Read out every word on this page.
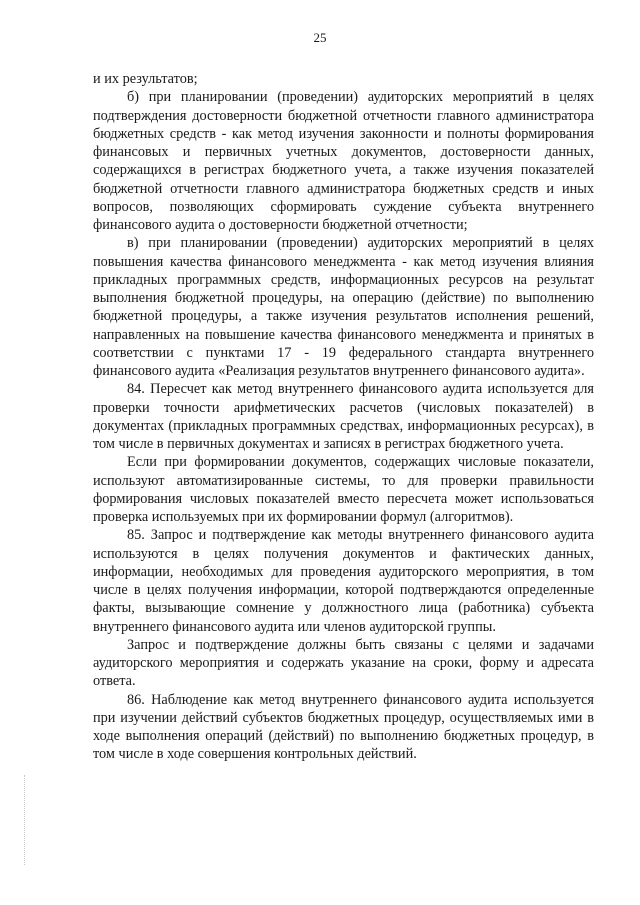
25

и их результатов;

б) при планировании (проведении) аудиторских мероприятий в целях подтверждения достоверности бюджетной отчетности главного администратора бюджетных средств - как метод изучения законности и полноты формирования финансовых и первичных учетных документов, достоверности данных, содержащихся в регистрах бюджетного учета, а также изучения показателей бюджетной отчетности главного администратора бюджетных средств и иных вопросов, позволяющих сформировать суждение субъекта внутреннего финансового аудита о достоверности бюджетной отчетности;

в) при планировании (проведении) аудиторских мероприятий в целях повышения качества финансового менеджмента - как метод изучения влияния прикладных программных средств, информационных ресурсов на результат выполнения бюджетной процедуры, на операцию (действие) по выполнению бюджетной процедуры, а также изучения результатов исполнения решений, направленных на повышение качества финансового менеджмента и принятых в соответствии с пунктами 17 - 19 федерального стандарта внутреннего финансового аудита «Реализация результатов внутреннего финансового аудита».

84. Пересчет как метод внутреннего финансового аудита используется для проверки точности арифметических расчетов (числовых показателей) в документах (прикладных программных средствах, информационных ресурсах), в том числе в первичных документах и записях в регистрах бюджетного учета.

Если при формировании документов, содержащих числовые показатели, используют автоматизированные системы, то для проверки правильности формирования числовых показателей вместо пересчета может использоваться проверка используемых при их формировании формул (алгоритмов).

85. Запрос и подтверждение как методы внутреннего финансового аудита используются в целях получения документов и фактических данных, информации, необходимых для проведения аудиторского мероприятия, в том числе в целях получения информации, которой подтверждаются определенные факты, вызывающие сомнение у должностного лица (работника) субъекта внутреннего финансового аудита или членов аудиторской группы.

Запрос и подтверждение должны быть связаны с целями и задачами аудиторского мероприятия и содержать указание на сроки, форму и адресата ответа.

86. Наблюдение как метод внутреннего финансового аудита используется при изучении действий субъектов бюджетных процедур, осуществляемых ими в ходе выполнения операций (действий) по выполнению бюджетных процедур, в том числе в ходе совершения контрольных действий.
